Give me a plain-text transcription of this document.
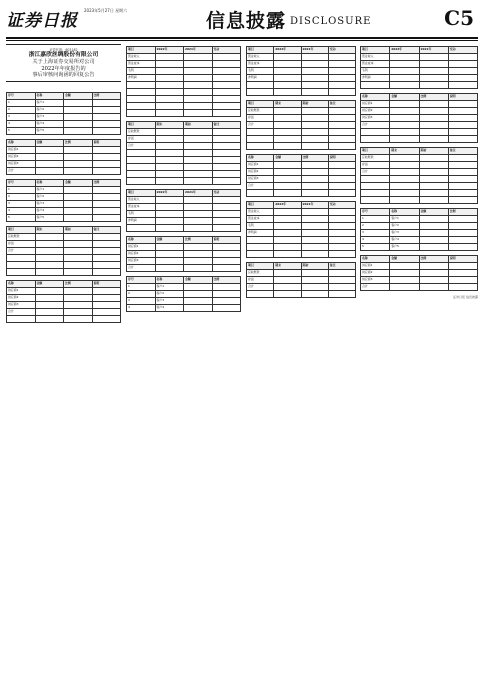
证券日报
2023年5月27日 星期六	信息披露 DISCLOSURE	C5
证券代码：603182
浙江嘉欣丝绸股份有限公司
关于上海证券交易所对公司
2022年年度报告的
事后审核问询函的回复公告

序号	名称	金额	比例
1	客户1		
2	客户2		
3	客户3		
4	客户4		
5	客户5		
名称	金额	比例	说明
供应商1			
供应商2			
供应商3			
合计			
序号	名称	金额	比例
1	客户1		
2	客户2		
3	客户3		
4	客户4		
5	客户5		
项目	期末	期初	备注
应收账款			
存货			
合计			

名称	金额	比例	说明
供应商1			
供应商2			
供应商3			
合计			

项目	2022年	2021年	变动
营业收入			
营业成本			
毛利			
净利润			

项目	期末	期初	备注
应收账款			
存货			
合计			

项目	2022年	2021年	变动
营业收入			
营业成本			
毛利			
净利润			

名称	金额	比例	说明
供应商1			
供应商2			
供应商3			
合计			
序号	名称	金额	比例
1	客户1		
2	客户2		
3	客户3		
4	客户4		
项目	2022年	2021年	变动
营业收入			
营业成本			
毛利			
净利润			

项目	期末	期初	备注
应收账款			
存货			
合计			

名称	金额	比例	说明
供应商1			
供应商2			
供应商3			
合计			

项目	2022年	2021年	变动
营业收入			
营业成本			
毛利			
净利润			

项目	期末	期初	备注
应收账款			
存货			
合计			

项目	2022年	2021年	变动
营业收入			
营业成本			
毛利			
净利润			

名称	金额	比例	说明
供应商1			
供应商2			
供应商3			
合计			

项目	期末	期初	备注
应收账款			
存货			
合计			

序号	名称	金额	比例
1	客户1		
2	客户2		
3	客户3		
4	客户4		
5	客户5		
名称	金额	比例	说明
供应商1			
供应商2			
供应商3			
合计			
证券日报 信息披露
